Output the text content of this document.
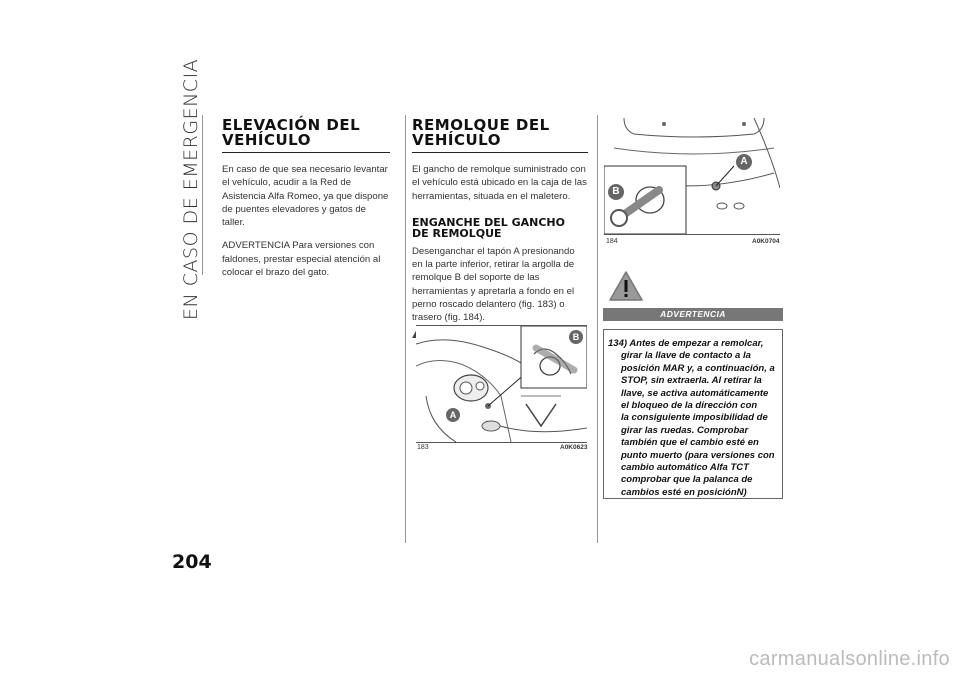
EN CASO DE EMERGENCIA
204
ELEVACIÓN DEL
VEHÍCULO

En caso de que sea necesario levantar el vehículo, acudir a la Red de Asistencia Alfa Romeo, ya que dispone de puentes elevadores y gatos de taller.

ADVERTENCIA Para versiones con faldones, prestar especial atención al colocar el brazo del gato.

REMOLQUE DEL
VEHÍCULO

El gancho de remolque suministrado con el vehículo está ubicado en la caja de las herramientas, situada en el maletero.

ENGANCHE DEL GANCHO
DE REMOLQUE

Desenganchar el tapón A presionando en la parte inferior, retirar la argolla de remolque B del soporte de las herramientas y apretarla a fondo en el perno roscado delantero (fig. 183) o trasero (fig. 184).

A
B
183	A0K0623
A
B
184	A0K0704
ADVERTENCIA
134) Antes de empezar a remolcar,
girar la llave de contacto a la
posición MAR y, a continuación, a
STOP, sin extraerla. Al retirar la
llave, se activa automáticamente
el bloqueo de la dirección con
la consiguiente imposibilidad de
girar las ruedas. Comprobar
también que el cambio esté en
punto muerto (para versiones con
cambio automático Alfa TCT
comprobar que la palanca de
cambios esté en posiciónN)
carmanualsonline.info
